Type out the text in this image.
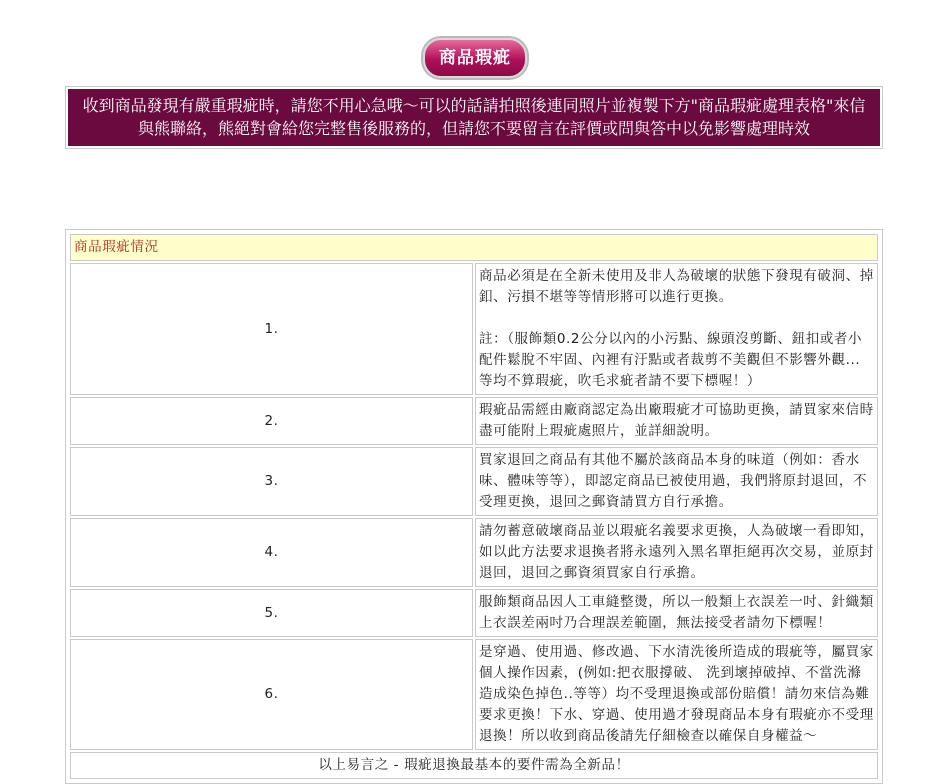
商品瑕疵
收到商品發現有嚴重瑕疵時，請您不用心急哦～可以的話請拍照後連同照片並複製下方"商品瑕疵處理表格"來信與熊聯絡，熊絕對會給您完整售後服務的，但請您不要留言在評價或問與答中以免影響處理時效
商品瑕疵情況	
1.	商品必須是在全新未使用及非人為破壞的狀態下發現有破洞、掉釦、污損不堪等等情形將可以進行更換。

註：（服飾類0.2公分以內的小污點、線頭沒剪斷、鈕扣或者小配件鬆脫不牢固、內裡有汙點或者裁剪不美觀但不影響外觀...等均不算瑕疵，吹毛求疵者請不要下標喔！）

2.	瑕疵品需經由廠商認定為出廠瑕疵才可協助更換，請買家來信時盡可能附上瑕疵處照片，並詳細說明。
3.	買家退回之商品有其他不屬於該商品本身的味道（例如：香水味、體味等等），即認定商品已被使用過，我們將原封退回，不受理更換，退回之郵資請買方自行承擔。
4.	請勿蓄意破壞商品並以瑕疵名義要求更換，人為破壞一看即知，如以此方法要求退換者將永遠列入黑名單拒絕再次交易，並原封退回，退回之郵資須買家自行承擔。
5.	服飾類商品因人工車縫整燙，所以一般類上衣誤差一吋、針織類上衣誤差兩吋乃合理誤差範圍，無法接受者請勿下標喔！
6.	是穿過、使用過、修改過、下水清洗後所造成的瑕疵等，屬買家個人操作因素，(例如:把衣服撐破、 洗到壞掉破掉、不當洗滌造成染色掉色..等等）均不受理退換或部份賠償！請勿來信為難要求更換！下水、穿過、使用過才發現商品本身有瑕疵亦不受理退換！所以收到商品後請先仔細檢查以確保自身權益～
以上易言之 - 瑕疵退換最基本的要件需為全新品！	
